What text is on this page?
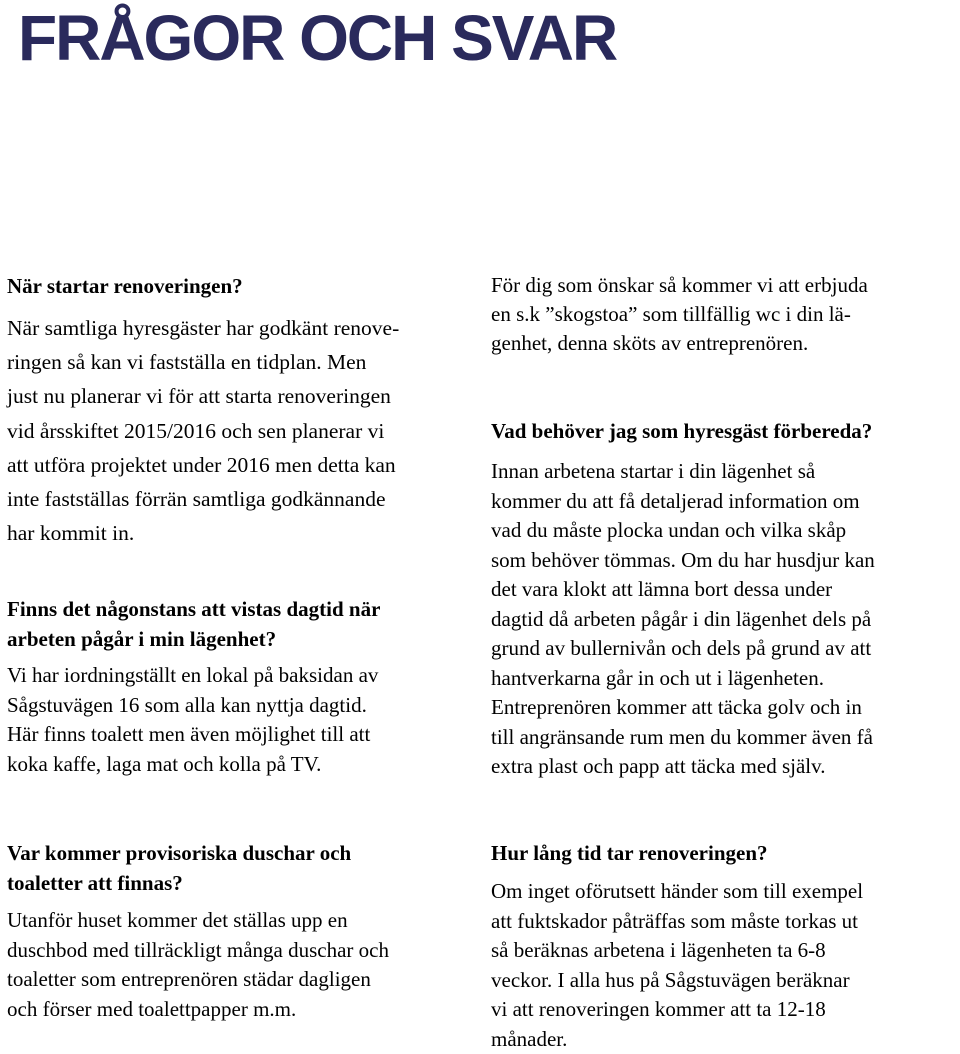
FRÅGOR OCH SVAR

När startar renoveringen?

När samtliga hyresgäster har godkänt renove-
ringen så kan vi fastställa en tidplan. Men
just nu planerar vi för att starta renoveringen
vid årsskiftet 2015/2016 och sen planerar vi
att utföra projektet under 2016 men detta kan
inte fastställas förrän samtliga godkännande
har kommit in.

Finns det någonstans att vistas dagtid när
arbeten pågår i min lägenhet?

Vi har iordningställt en lokal på baksidan av
Sågstuvägen 16 som alla kan nyttja dagtid.
Här finns toalett men även möjlighet till att
koka kaffe, laga mat och kolla på TV.

För dig som önskar så kommer vi att erbjuda
en s.k ”skogstoa” som tillfällig wc i din lä-
genhet, denna sköts av entreprenören.

Vad behöver jag som hyresgäst förbereda?

Innan arbetena startar i din lägenhet så
kommer du att få detaljerad information om
vad du måste plocka undan och vilka skåp
som behöver tömmas. Om du har husdjur kan
det vara klokt att lämna bort dessa under
dagtid då arbeten pågår i din lägenhet dels på
grund av bullernivån och dels på grund av att
hantverkarna går in och ut i lägenheten.
Entreprenören kommer att täcka golv och in
till angränsande rum men du kommer även få
extra plast och papp att täcka med själv.

Var kommer provisoriska duschar och
toaletter att finnas?

Utanför huset kommer det ställas upp en
duschbod med tillräckligt många duschar och
toaletter som entreprenören städar dagligen
och förser med toalettpapper m.m.

Hur lång tid tar renoveringen?

Om inget oförutsett händer som till exempel
att fuktskador påträffas som måste torkas ut
så beräknas arbetena i lägenheten ta 6-8
veckor. I alla hus på Sågstuvägen beräknar
vi att renoveringen kommer att ta 12-18
månader.
